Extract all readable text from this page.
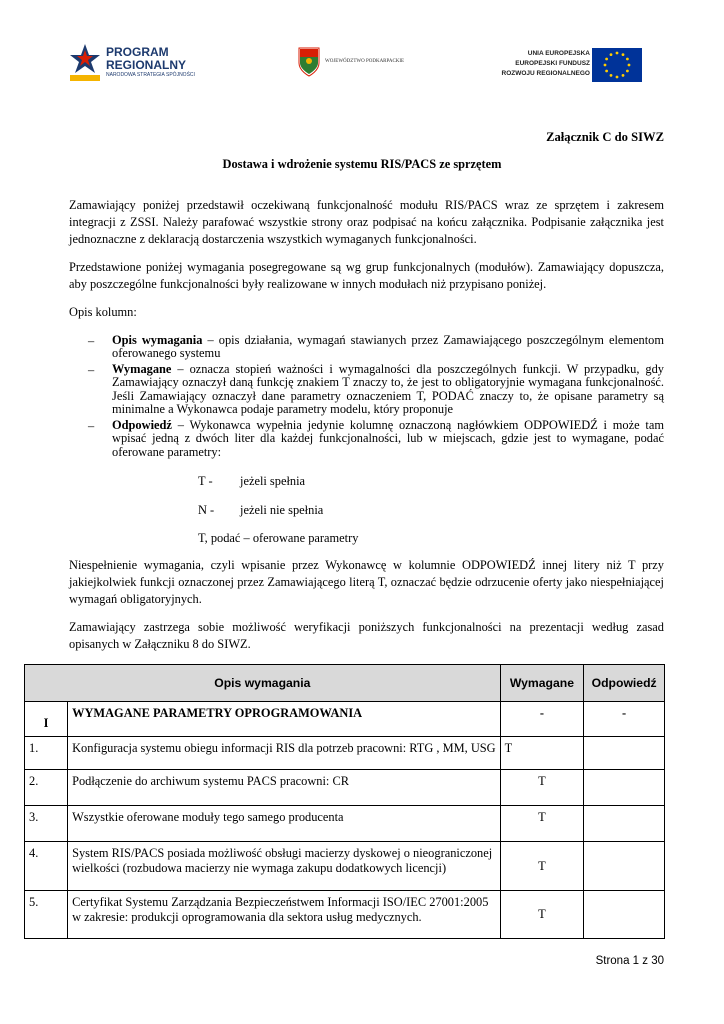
PROGRAM
REGIONALNY
NARODOWA STRATEGIA SPÓJNOŚCI
WOJEWÓDZTWO PODKARPACKIE
UNIA EUROPEJSKA
EUROPEJSKI FUNDUSZ
ROZWOJU REGIONALNEGO
Załącznik C do SIWZ
Dostawa i wdrożenie systemu RIS/PACS ze sprzętem
Zamawiający poniżej przedstawił oczekiwaną funkcjonalność modułu RIS/PACS wraz ze sprzętem i zakresem integracji z ZSSI. Należy parafować wszystkie strony oraz podpisać na końcu załącznika. Podpisanie załącznika jest jednoznaczne z deklaracją dostarczenia wszystkich wymaganych funkcjonalności.
Przedstawione poniżej wymagania posegregowane są wg grup funkcjonalnych (modułów). Zamawiający dopuszcza, aby poszczególne funkcjonalności były realizowane w innych modułach niż przypisano poniżej.
Opis kolumn:
– Opis wymagania – opis działania, wymagań stawianych przez Zamawiającego poszczególnym elementom oferowanego systemu
– Wymagane – oznacza stopień ważności i wymagalności dla poszczególnych funkcji. W przypadku, gdy Zamawiający oznaczył daną funkcję znakiem T znaczy to, że jest to obligatoryjnie wymagana funkcjonalność. Jeśli Zamawiający oznaczył dane parametry oznaczeniem T, PODAĆ znaczy to, że opisane parametry są minimalne a Wykonawca podaje parametry modelu, który proponuje
– Odpowiedź – Wykonawca wypełnia jedynie kolumnę oznaczoną nagłówkiem ODPOWIEDŹ i może tam wpisać jedną z dwóch liter dla każdej funkcjonalności, lub w miejscach, gdzie jest to wymagane, podać oferowane parametry:
T - jeżeli spełnia
N - jeżeli nie spełnia
T, podać – oferowane parametry
Niespełnienie wymagania, czyli wpisanie przez Wykonawcę w kolumnie ODPOWIEDŹ innej litery niż T przy jakiejkolwiek funkcji oznaczonej przez Zamawiającego literą T, oznaczać będzie odrzucenie oferty jako niespełniającej wymagań obligatoryjnych.
Zamawiający zastrzega sobie możliwość weryfikacji poniższych funkcjonalności na prezentacji według zasad opisanych w Załączniku 8 do SIWZ.
Opis wymagania		Wymagane	Odpowiedź
I	WYMAGANE PARAMETRY OPROGRAMOWANIA	-	-
1.	Konfiguracja systemu obiegu informacji RIS dla potrzeb pracowni: RTG , MM, USG	T	
2.	Podłączenie do archiwum systemu PACS pracowni: CR	T	
3.	Wszystkie oferowane moduły tego samego producenta	T	
4.	System RIS/PACS posiada możliwość obsługi macierzy dyskowej o nieograniczonej wielkości (rozbudowa macierzy nie wymaga zakupu dodatkowych licencji)	T	
5.	Certyfikat Systemu Zarządzania Bezpieczeństwem Informacji ISO/IEC 27001:2005 w zakresie: produkcji oprogramowania dla sektora usług medycznych.	T	
Strona 1 z 30
